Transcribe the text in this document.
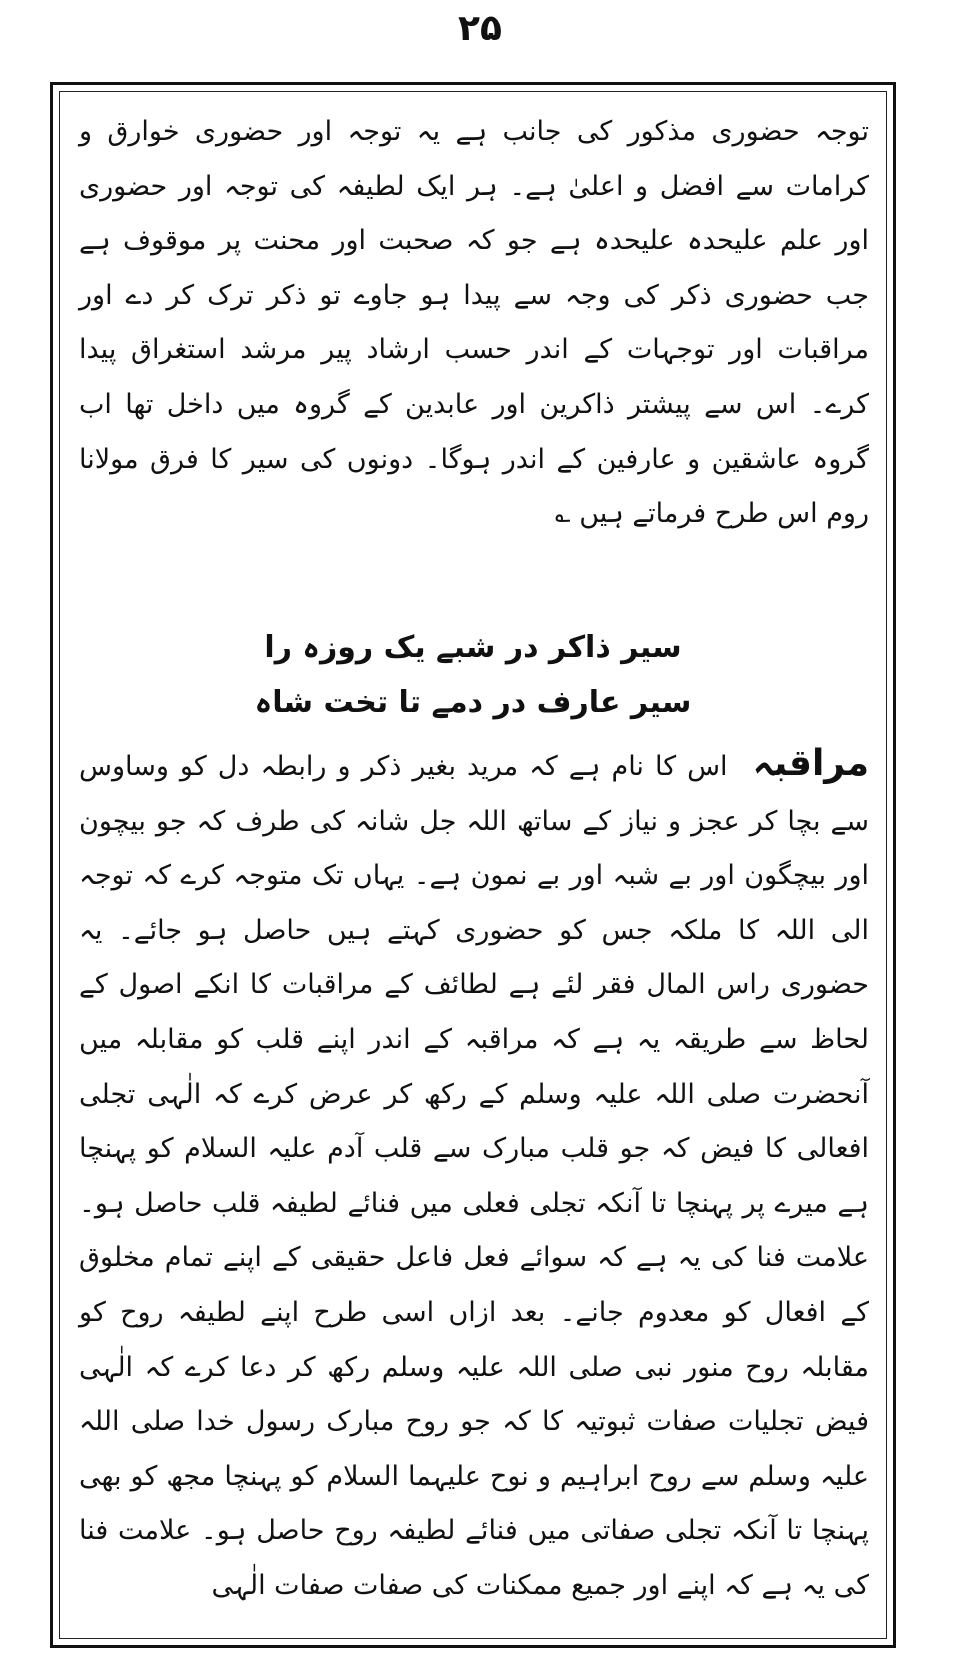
۲۵
توجہ حضوری مذکور کی جانب ہے یہ توجہ اور حضوری خوارق و کرامات سے افضل و اعلیٰ ہے۔ ہر ایک لطیفہ کی توجہ اور حضوری اور علم علیحدہ علیحدہ ہے جو کہ صحبت اور محنت پر موقوف ہے جب حضوری ذکر کی وجہ سے پیدا ہو جاوے تو ذکر ترک کر دے اور مراقبات اور توجہات کے اندر حسب ارشاد پیر مرشد استغراق پیدا کرے۔ اس سے پیشتر ذاکرین اور عابدین کے گروہ میں داخل تھا اب گروہ عاشقین و عارفین کے اندر ہوگا۔ دونوں کی سیر کا فرق مولانا روم اس طرح فرماتے ہیں ؎
سیر ذاکر در شبے یک روزہ را
سیر عارف در دمے تا تخت شاہ
مراقبہ اس کا نام ہے کہ مرید بغیر ذکر و رابطہ دل کو وساوس سے بچا کر عجز و نیاز کے ساتھ اللہ جل شانہ کی طرف کہ جو بیچون اور بیچگون اور بے شبہ اور بے نمون ہے۔ یہاں تک متوجہ کرے کہ توجہ الی اللہ کا ملکہ جس کو حضوری کہتے ہیں حاصل ہو جائے۔ یہ حضوری راس المال فقر لئے ہے لطائف کے مراقبات کا انکے اصول کے لحاظ سے طریقہ یہ ہے کہ مراقبہ کے اندر اپنے قلب کو مقابلہ میں آنحضرت صلی اللہ علیہ وسلم کے رکھ کر عرض کرے کہ الٰہی تجلی افعالی کا فیض کہ جو قلب مبارک سے قلب آدم علیہ السلام کو پہنچا ہے میرے پر پہنچا تا آنکہ تجلی فعلی میں فنائے لطیفہ قلب حاصل ہو۔ علامت فنا کی یہ ہے کہ سوائے فعل فاعل حقیقی کے اپنے تمام مخلوق کے افعال کو معدوم جانے۔ بعد ازاں اسی طرح اپنے لطیفہ روح کو مقابلہ روح منور نبی صلی اللہ علیہ وسلم رکھ کر دعا کرے کہ الٰہی فیض تجلیات صفات ثبوتیہ کا کہ جو روح مبارک رسول خدا صلی اللہ علیہ وسلم سے روح ابراہیم و نوح علیہما السلام کو پہنچا مجھ کو بھی پہنچا تا آنکہ تجلی صفاتی میں فنائے لطیفہ روح حاصل ہو۔ علامت فنا کی یہ ہے کہ اپنے اور جمیع ممکنات کی صفات صفات الٰہی
